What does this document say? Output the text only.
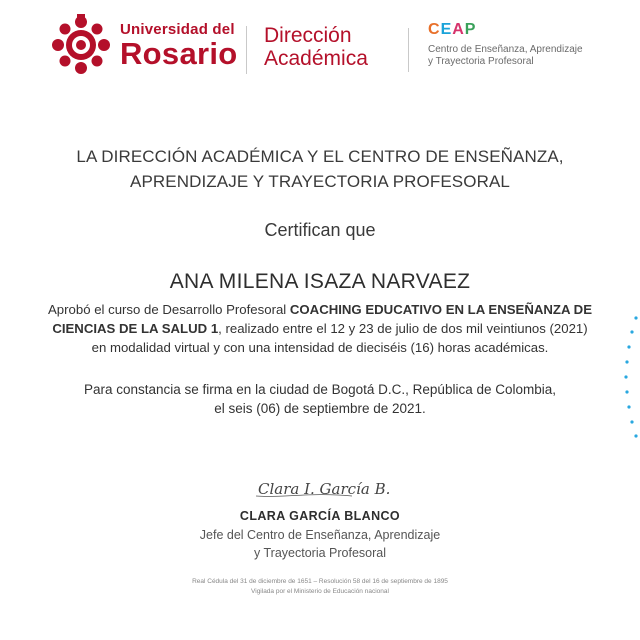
Universidad del
Rosario
Dirección
Académica
C E A P
Centro de Enseñanza, Aprendizaje
y Trayectoria Profesoral
LA DIRECCIÓN ACADÉMICA Y EL CENTRO DE ENSEÑANZA,
APRENDIZAJE Y TRAYECTORIA PROFESORAL
Certifican que
ANA MILENA ISAZA NARVAEZ
Aprobó el curso de Desarrollo Profesoral COACHING EDUCATIVO EN LA ENSEÑANZA DE
CIENCIAS DE LA SALUD 1, realizado entre el 12 y 23 de julio de dos mil veintiunos (2021)
en modalidad virtual y con una intensidad de dieciséis (16) horas académicas.
Para constancia se firma en la ciudad de Bogotá D.C., República de Colombia,
el seis (06) de septiembre de 2021.
Clara I. García B.
CLARA GARCÍA BLANCO
Jefe del Centro de Enseñanza, Aprendizaje
y Trayectoria Profesoral
Real Cédula del 31 de diciembre de 1651 – Resolución 58 del 16 de septiembre de 1895
Vigilada por el Ministerio de Educación nacional
